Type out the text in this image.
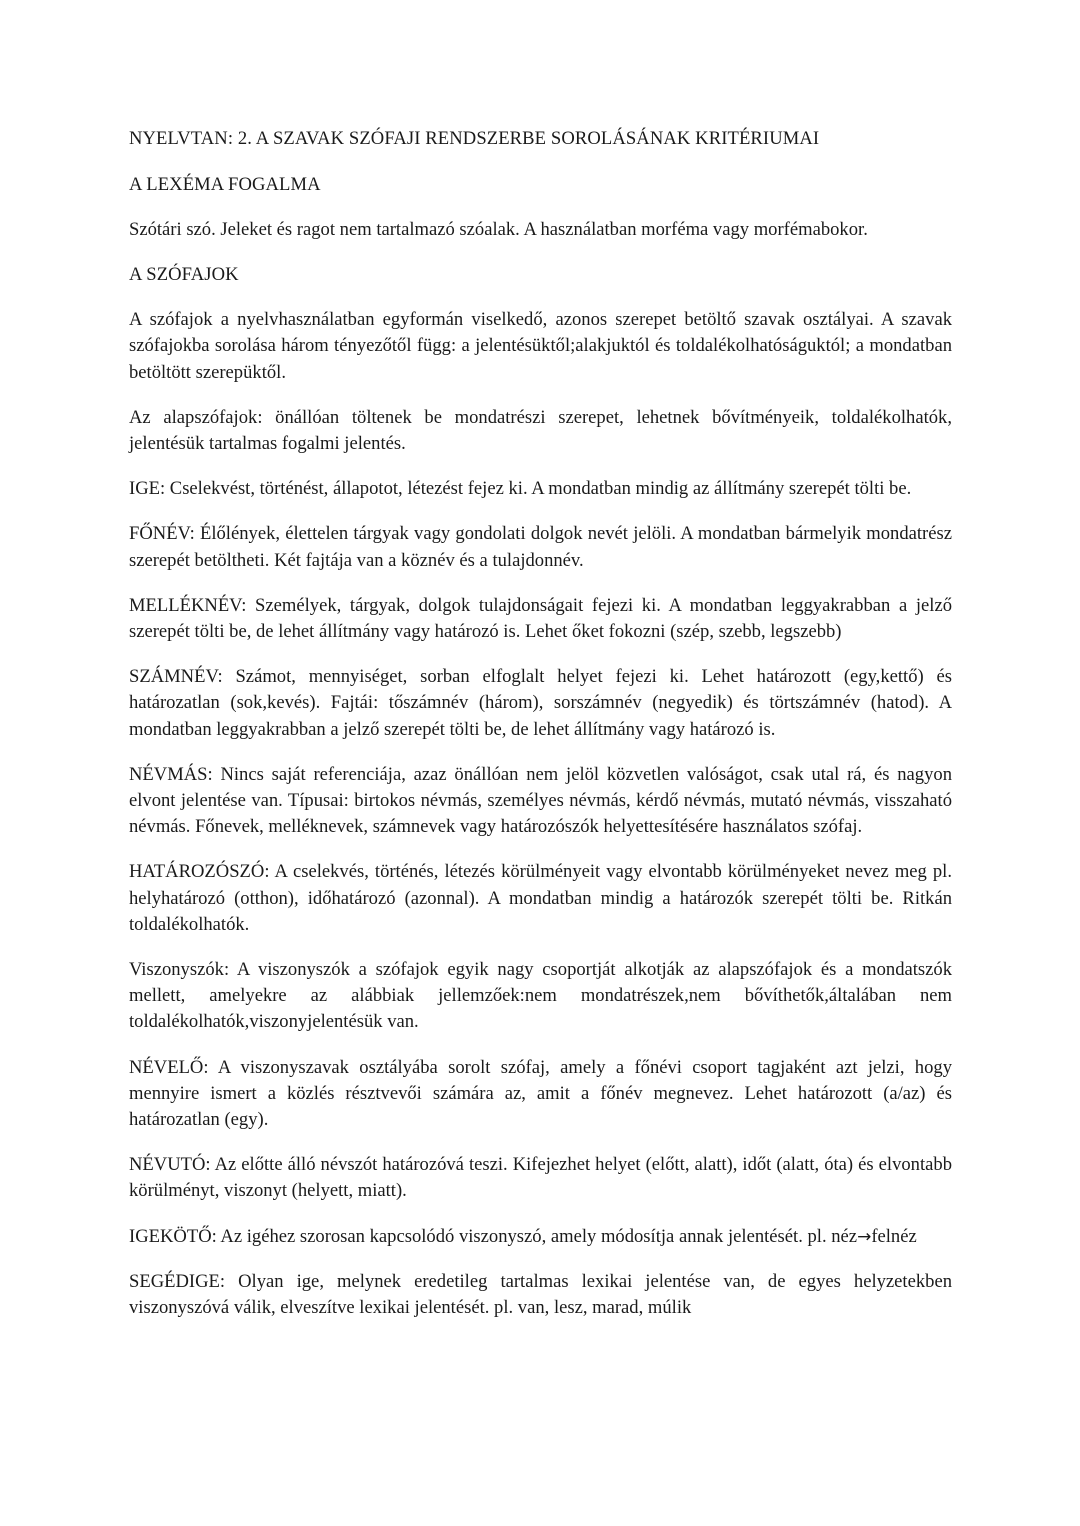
NYELVTAN: 2. A SZAVAK SZÓFAJI RENDSZERBE SOROLÁSÁNAK KRITÉRIUMAI
A LEXÉMA FOGALMA
Szótári szó. Jeleket és ragot nem tartalmazó szóalak. A használatban morféma vagy morfémabokor.
A SZÓFAJOK
A szófajok a nyelvhasználatban egyformán viselkedő, azonos szerepet betöltő szavak osztályai. A szavak szófajokba sorolása három tényezőtől függ: a jelentésüktől;alakjuktól és toldalékolhatóságuktól; a mondatban betöltött szerepüktől.
Az alapszófajok: önállóan töltenek be mondatrészi szerepet, lehetnek bővítményeik, toldalékolhatók, jelentésük tartalmas fogalmi jelentés.
IGE: Cselekvést, történést, állapotot, létezést fejez ki. A mondatban mindig az állítmány szerepét tölti be.
FŐNÉV: Élőlények, élettelen tárgyak vagy gondolati dolgok nevét jelöli. A mondatban bármelyik mondatrész szerepét betöltheti. Két fajtája van a köznév és a tulajdonnév.
MELLÉKNÉV: Személyek, tárgyak, dolgok tulajdonságait fejezi ki. A mondatban leggyakrabban a jelző szerepét tölti be, de lehet állítmány vagy határozó is. Lehet őket fokozni (szép, szebb, legszebb)
SZÁMNÉV: Számot, mennyiséget, sorban elfoglalt helyet fejezi ki. Lehet határozott (egy,kettő) és határozatlan (sok,kevés). Fajtái: tőszámnév (három), sorszámnév (negyedik) és törtszámnév (hatod). A mondatban leggyakrabban a jelző szerepét tölti be, de lehet állítmány vagy határozó is.
NÉVMÁS: Nincs saját referenciája, azaz önállóan nem jelöl közvetlen valóságot, csak utal rá, és nagyon elvont jelentése van. Típusai: birtokos névmás, személyes névmás, kérdő névmás, mutató névmás, visszaható névmás. Főnevek, melléknevek, számnevek vagy határozószók helyettesítésére használatos szófaj.
HATÁROZÓSZÓ: A cselekvés, történés, létezés körülményeit vagy elvontabb körülményeket nevez meg pl. helyhatározó (otthon), időhatározó (azonnal). A mondatban mindig a határozók szerepét tölti be. Ritkán toldalékolhatók.
Viszonyszók: A viszonyszók a szófajok egyik nagy csoportját alkotják az alapszófajok és a mondatszók mellett, amelyekre az alábbiak jellemzőek:nem mondatrészek,nem bővíthetők,általában nem toldalékolhatók,viszonyjelentésük van.
NÉVELŐ: A viszonyszavak osztályába sorolt szófaj, amely a főnévi csoport tagjaként azt jelzi, hogy mennyire ismert a közlés résztvevői számára az, amit a főnév megnevez. Lehet határozott (a/az) és határozatlan (egy).
NÉVUTÓ: Az előtte álló névszót határozóvá teszi. Kifejezhet helyet (előtt, alatt), időt (alatt, óta) és elvontabb körülményt, viszonyt (helyett, miatt).
IGEKÖTŐ: Az igéhez szorosan kapcsolódó viszonyszó, amely módosítja annak jelentését. pl. néz→felnéz
SEGÉDIGE: Olyan ige, melynek eredetileg tartalmas lexikai jelentése van, de egyes helyzetekben viszonyszóvá válik, elveszítve lexikai jelentését. pl. van, lesz, marad, múlik
